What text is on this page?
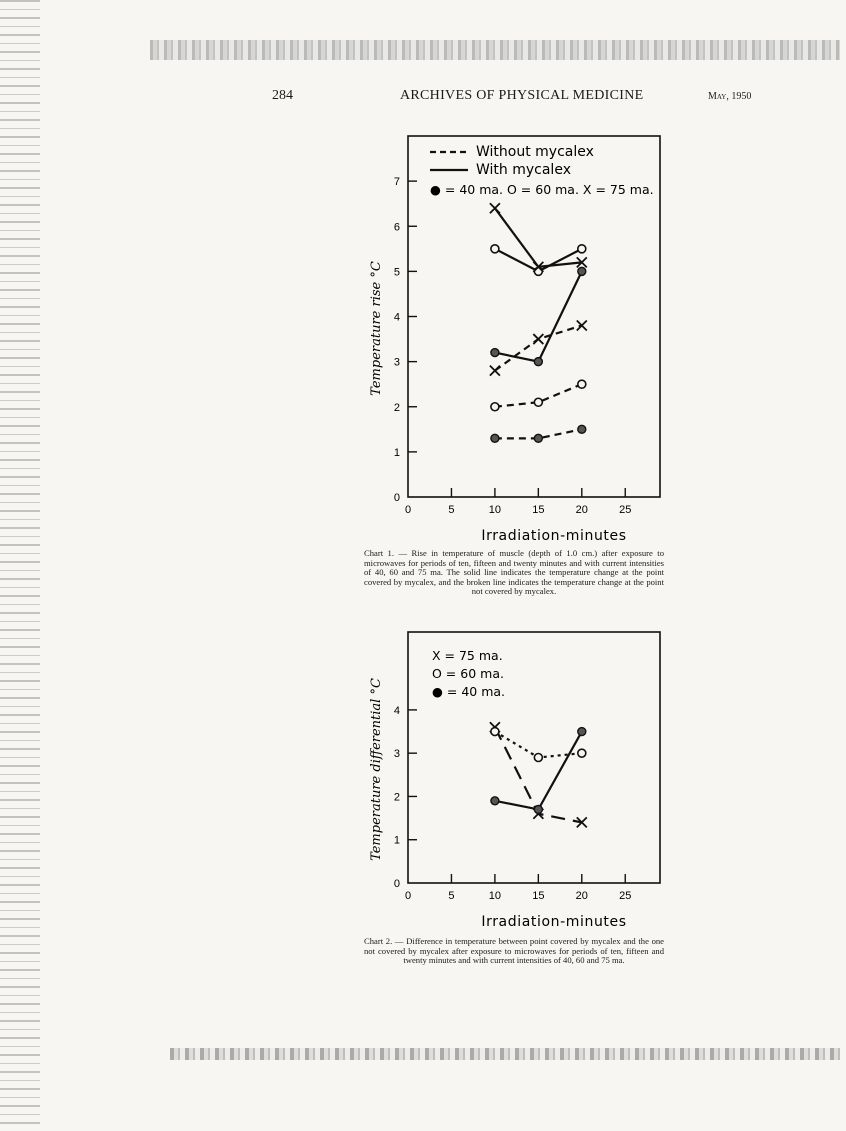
284	ARCHIVES OF PHYSICAL MEDICINE	May, 1950
0	5	10	15	20	25
0
1
2
3
4
5
6
7
Irradiation-minutes
Temperature rise °C
Without mycalex
With mycalex
● = 40 ma. O = 60 ma. X = 75 ma.
0	5	10	15	20	25
0
1
2
3
4
Irradiation-minutes
Temperature differential °C
X = 75 ma.
O = 60 ma.
● = 40 ma.
Chart 1. — Rise in temperature of muscle (depth of 1.0 cm.) after exposure to microwaves for periods of ten, fifteen and twenty minutes and with current intensities of 40, 60 and 75 ma. The solid line indicates the temperature change at the point covered by mycalex, and the broken line indicates the temperature change at the point not covered by mycalex.
Chart 2. — Difference in temperature between point covered by mycalex and the one not covered by mycalex after exposure to microwaves for periods of ten, fifteen and twenty minutes and with current intensities of 40, 60 and 75 ma.
